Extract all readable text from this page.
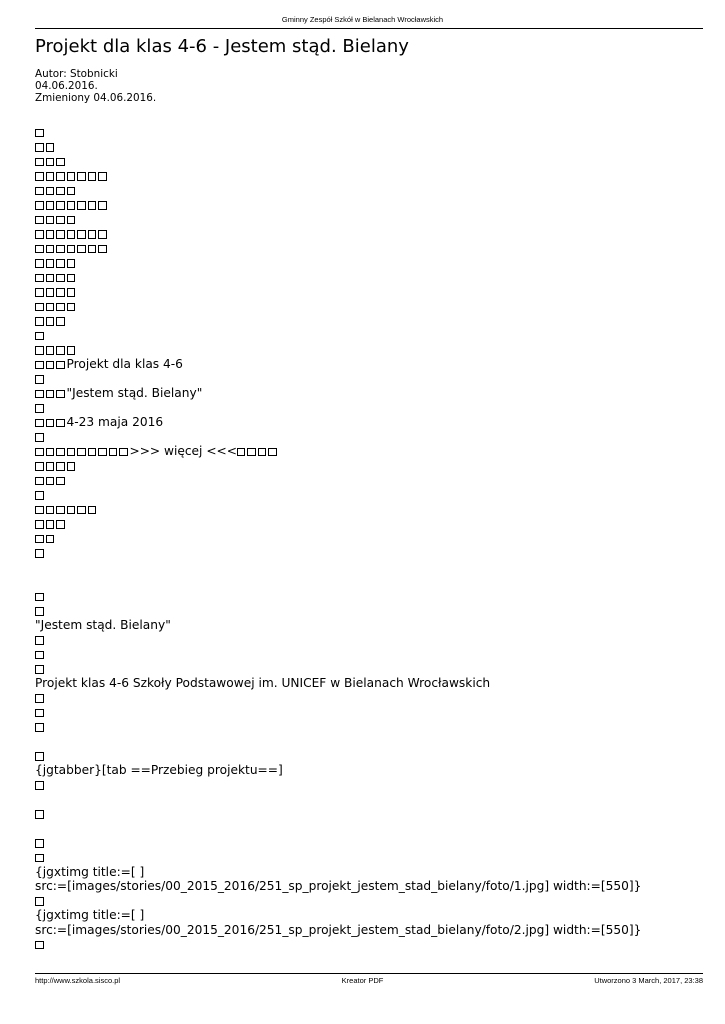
Gminny Zespół Szkół w Bielanach Wrocławskich
Projekt dla klas 4-6 - Jestem stąd. Bielany
Autor: Stobnicki
04.06.2016.
Zmieniony 04.06.2016.
Projekt dla klas 4-6
"Jestem stąd. Bielany"
4-23 maja 2016
>>> więcej <<<
"Jestem stąd. Bielany"
Projekt klas 4-6 Szkoły Podstawowej im. UNICEF w Bielanach Wrocławskich
{jgtabber}[tab ==Przebieg projektu==]
{jgxtimg title:=[ ]
src:=[images/stories/00_2015_2016/251_sp_projekt_jestem_stad_bielany/foto/1.jpg] width:=[550]}
{jgxtimg title:=[ ]
src:=[images/stories/00_2015_2016/251_sp_projekt_jestem_stad_bielany/foto/2.jpg] width:=[550]}
http://www.szkola.sisco.pl	Kreator PDF	Utworzono 3 March, 2017, 23:38
